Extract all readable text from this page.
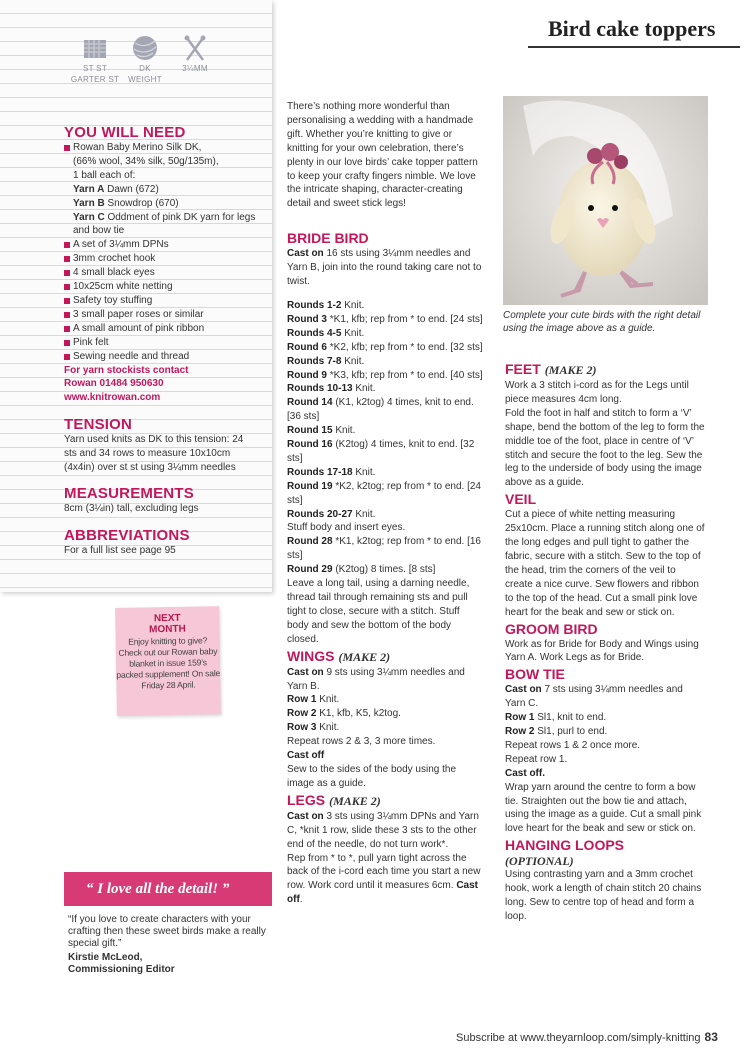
Bird cake toppers
ST ST
GARTER ST
DK
WEIGHT
3¼MM
YOU WILL NEED
Rowan Baby Merino Silk DK,
(66% wool, 34% silk, 50g/135m),
1 ball each of:
Yarn A Dawn (672)
Yarn B Snowdrop (670)
Yarn C Oddment of pink DK yarn for legs and bow tie
A set of 3¼mm DPNs
3mm crochet hook
4 small black eyes
10x25cm white netting
Safety toy stuffing
3 small paper roses or similar
A small amount of pink ribbon
Pink felt
Sewing needle and thread
For yarn stockists contact
Rowan 01484 950630
www.knitrowan.com
TENSION

Yarn used knits as DK to this tension: 24 sts and 34 rows to measure 10x10cm (4x4in) over st st using 3¼mm needles

MEASUREMENTS

8cm (3¼in) tall, excluding legs

ABBREVIATIONS

For a full list see page 95

NEXT
MONTH
Enjoy knitting to give? Check out our Rowan baby blanket in issue 159’s packed supplement! On sale Friday 28 April.
“ I love all the detail! ”
“If you love to create characters with your crafting then these sweet birds make a really special gift.”
Kirstie McLeod,
Commissioning Editor

There’s nothing more wonderful than personalising a wedding with a handmade gift. Whether you’re knitting to give or knitting for your own celebration, there’s plenty in our love birds’ cake topper pattern to keep your crafty fingers nimble. We love the intricate shaping, character-creating detail and sweet stick legs!

BRIDE BIRD

Cast on 16 sts using 3¼mm needles and Yarn B, join into the round taking care not to twist.

Rounds 1-2 Knit.

Round 3 *K1, kfb; rep from * to end. [24 sts]

Rounds 4-5 Knit.

Round 6 *K2, kfb; rep from * to end. [32 sts]

Rounds 7-8 Knit.

Round 9 *K3, kfb; rep from * to end. [40 sts]

Rounds 10-13 Knit.

Round 14 (K1, k2tog) 4 times, knit to end. [36 sts]

Round 15 Knit.

Round 16 (K2tog) 4 times, knit to end. [32 sts]

Rounds 17-18 Knit.

Round 19 *K2, k2tog; rep from * to end. [24 sts]

Rounds 20-27 Knit.

Stuff body and insert eyes.

Round 28 *K1, k2tog; rep from * to end. [16 sts]

Round 29 (K2tog) 8 times. [8 sts]

Leave a long tail, using a darning needle, thread tail through remaining sts and pull tight to close, secure with a stitch. Stuff body and sew the bottom of the body closed.

WINGS (MAKE 2)

Cast on 9 sts using 3¼mm needles and Yarn B.

Row 1 Knit.

Row 2 K1, kfb, K5, k2tog.

Row 3 Knit.

Repeat rows 2 & 3, 3 more times.

Cast off

Sew to the sides of the body using the image as a guide.

LEGS (MAKE 2)

Cast on 3 sts using 3¼mm DPNs and Yarn C, *knit 1 row, slide these 3 sts to the other end of the needle, do not turn work*.

Rep from * to *, pull yarn tight across the back of the i-cord each time you start a new row. Work cord until it measures 6cm. Cast off.

Complete your cute birds with the right detail using the image above as a guide.
FEET (MAKE 2)

Work a 3 stitch i-cord as for the Legs until piece measures 4cm long.

Fold the foot in half and stitch to form a ‘V’ shape, bend the bottom of the leg to form the middle toe of the foot, place in centre of ‘V’ stitch and secure the foot to the leg. Sew the leg to the underside of body using the image above as a guide.

VEIL

Cut a piece of white netting measuring 25x10cm. Place a running stitch along one of the long edges and pull tight to gather the fabric, secure with a stitch. Sew to the top of the head, trim the corners of the veil to create a nice curve. Sew flowers and ribbon to the top of the head. Cut a small pink love heart for the beak and sew or stick on.

GROOM BIRD

Work as for Bride for Body and Wings using Yarn A. Work Legs as for Bride.

BOW TIE

Cast on 7 sts using 3¼mm needles and Yarn C.

Row 1 Sl1, knit to end.

Row 2 Sl1, purl to end.

Repeat rows 1 & 2 once more.

Repeat row 1.

Cast off.

Wrap yarn around the centre to form a bow tie. Straighten out the bow tie and attach, using the image as a guide. Cut a small pink love heart for the beak and sew or stick on.

HANGING LOOPS
(OPTIONAL)

Using contrasting yarn and a 3mm crochet hook, work a length of chain stitch 20 chains long. Sew to centre top of head and form a loop.

Subscribe at www.theyarnloop.com/simply-knitting 83
